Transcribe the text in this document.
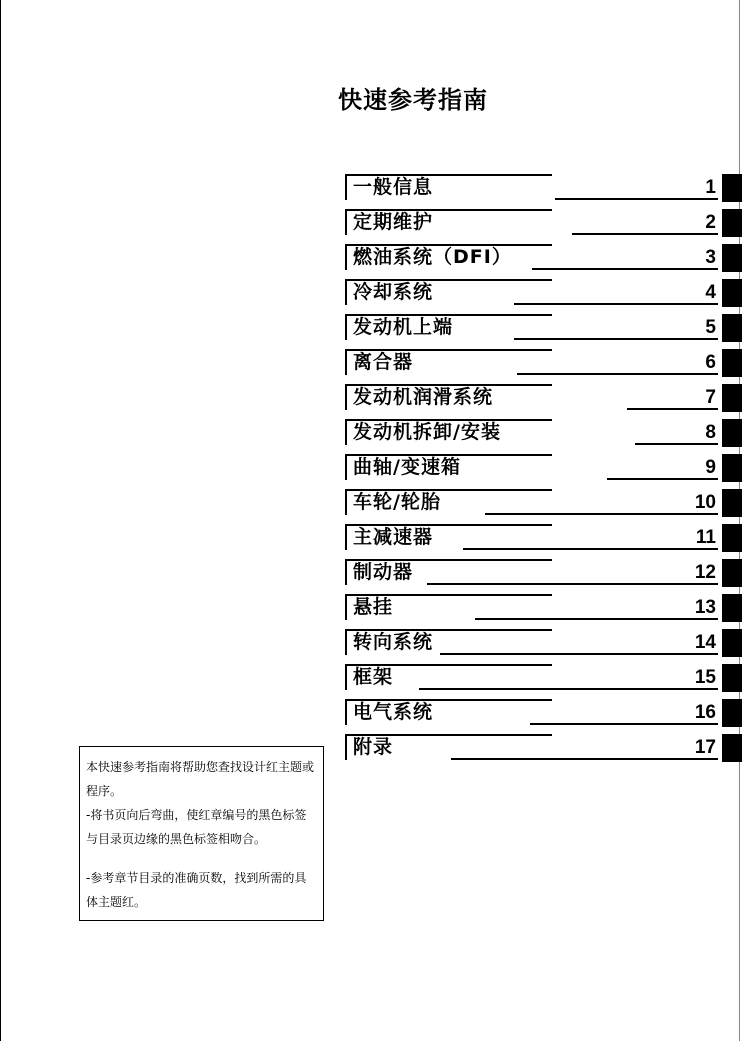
快速参考指南
一般信息	1
定期维护	2
燃油系统（DFI）	3
冷却系统	4
发动机上端	5
离合器	6
发动机润滑系统	7
发动机拆卸/安装	8
曲轴/变速箱	9
车轮/轮胎	10
主减速器	11
制动器	12
悬挂	13
转向系统	14
框架	15
电气系统	16
附录	17

本快速参考指南将帮助您查找设计红主题或程序。

-将书页向后弯曲，使红章编号的黑色标签与目录页边缘的黑色标签相吻合。

-参考章节目录的准确页数，找到所需的具体主题红。
